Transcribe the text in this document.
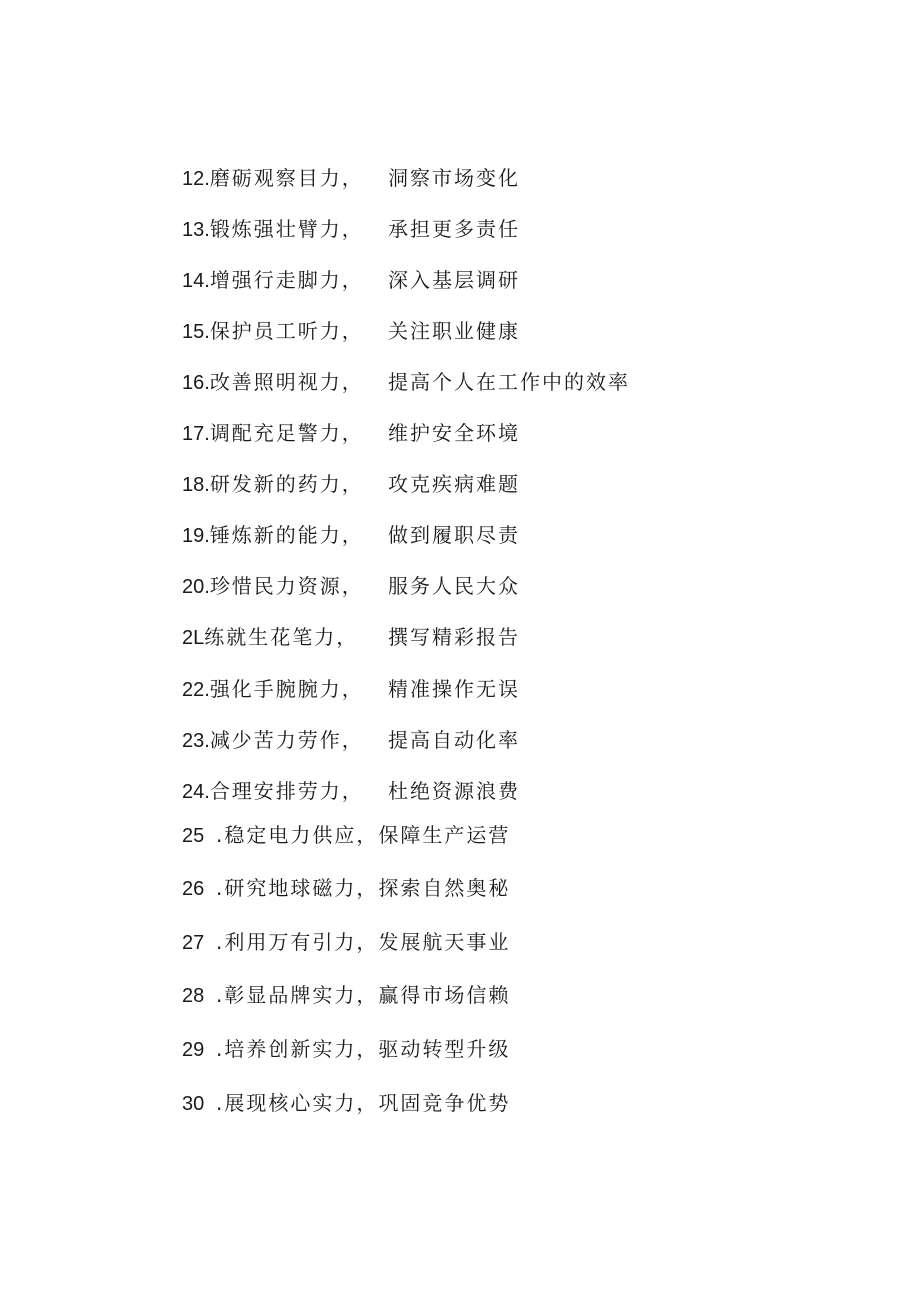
12.磨砺观察目力， 洞察市场变化
13.锻炼强壮臂力， 承担更多责任
14.增强行走脚力， 深入基层调研
15.保护员工听力， 关注职业健康
16.改善照明视力， 提高个人在工作中的效率
17.调配充足警力， 维护安全环境
18.研发新的药力， 攻克疾病难题
19.锤炼新的能力， 做到履职尽责
20.珍惜民力资源， 服务人民大众
2L练就生花笔力， 撰写精彩报告
22.强化手腕腕力， 精准操作无误
23.减少苦力劳作， 提高自动化率
24.合理安排劳力， 杜绝资源浪费
25 .稳定电力供应，保障生产运营
26 .研究地球磁力，探索自然奥秘
27 .利用万有引力，发展航天事业
28 .彰显品牌实力，赢得市场信赖
29 .培养创新实力，驱动转型升级
30 .展现核心实力，巩固竞争优势
